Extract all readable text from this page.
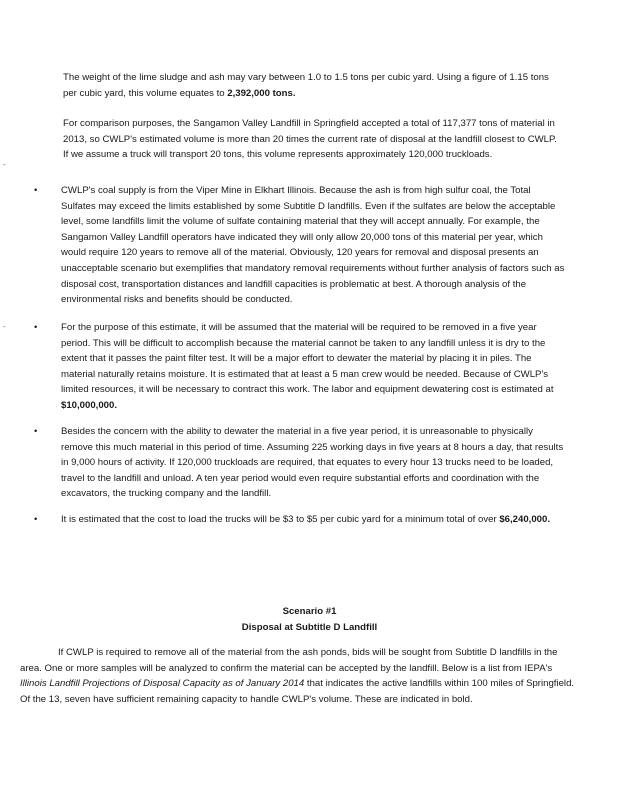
-
-

The weight of the lime sludge and ash may vary between 1.0 to 1.5 tons per cubic yard. Using a figure of 1.15 tons per cubic yard, this volume equates to 2,392,000 tons.

For comparison purposes, the Sangamon Valley Landfill in Springfield accepted a total of 117,377 tons of material in 2013, so CWLP's estimated volume is more than 20 times the current rate of disposal at the landfill closest to CWLP. If we assume a truck will transport 20 tons, this volume represents approximately 120,000 truckloads.

• CWLP's coal supply is from the Viper Mine in Elkhart Illinois. Because the ash is from high sulfur coal, the Total Sulfates may exceed the limits established by some Subtitle D landfills. Even if the sulfates are below the acceptable level, some landfills limit the volume of sulfate containing material that they will accept annually. For example, the Sangamon Valley Landfill operators have indicated they will only allow 20,000 tons of this material per year, which would require 120 years to remove all of the material. Obviously, 120 years for removal and disposal presents an unacceptable scenario but exemplifies that mandatory removal requirements without further analysis of factors such as disposal cost, transportation distances and landfill capacities is problematic at best. A thorough analysis of the environmental risks and benefits should be conducted.

• For the purpose of this estimate, it will be assumed that the material will be required to be removed in a five year period. This will be difficult to accomplish because the material cannot be taken to any landfill unless it is dry to the extent that it passes the paint filter test. It will be a major effort to dewater the material by placing it in piles. The material naturally retains moisture. It is estimated that at least a 5 man crew would be needed. Because of CWLP's limited resources, it will be necessary to contract this work. The labor and equipment dewatering cost is estimated at $10,000,000.

• Besides the concern with the ability to dewater the material in a five year period, it is unreasonable to physically remove this much material in this period of time. Assuming 225 working days in five years at 8 hours a day, that results in 9,000 hours of activity. If 120,000 truckloads are required, that equates to every hour 13 trucks need to be loaded, travel to the landfill and unload. A ten year period would even require substantial efforts and coordination with the excavators, the trucking company and the landfill.

• It is estimated that the cost to load the trucks will be $3 to $5 per cubic yard for a minimum total of over $6,240,000.

Scenario #1

Disposal at Subtitle D Landfill

If CWLP is required to remove all of the material from the ash ponds, bids will be sought from Subtitle D landfills in the area. One or more samples will be analyzed to confirm the material can be accepted by the landfill. Below is a list from IEPA's Illinois Landfill Projections of Disposal Capacity as of January 2014 that indicates the active landfills within 100 miles of Springfield. Of the 13, seven have sufficient remaining capacity to handle CWLP's volume. These are indicated in bold.
